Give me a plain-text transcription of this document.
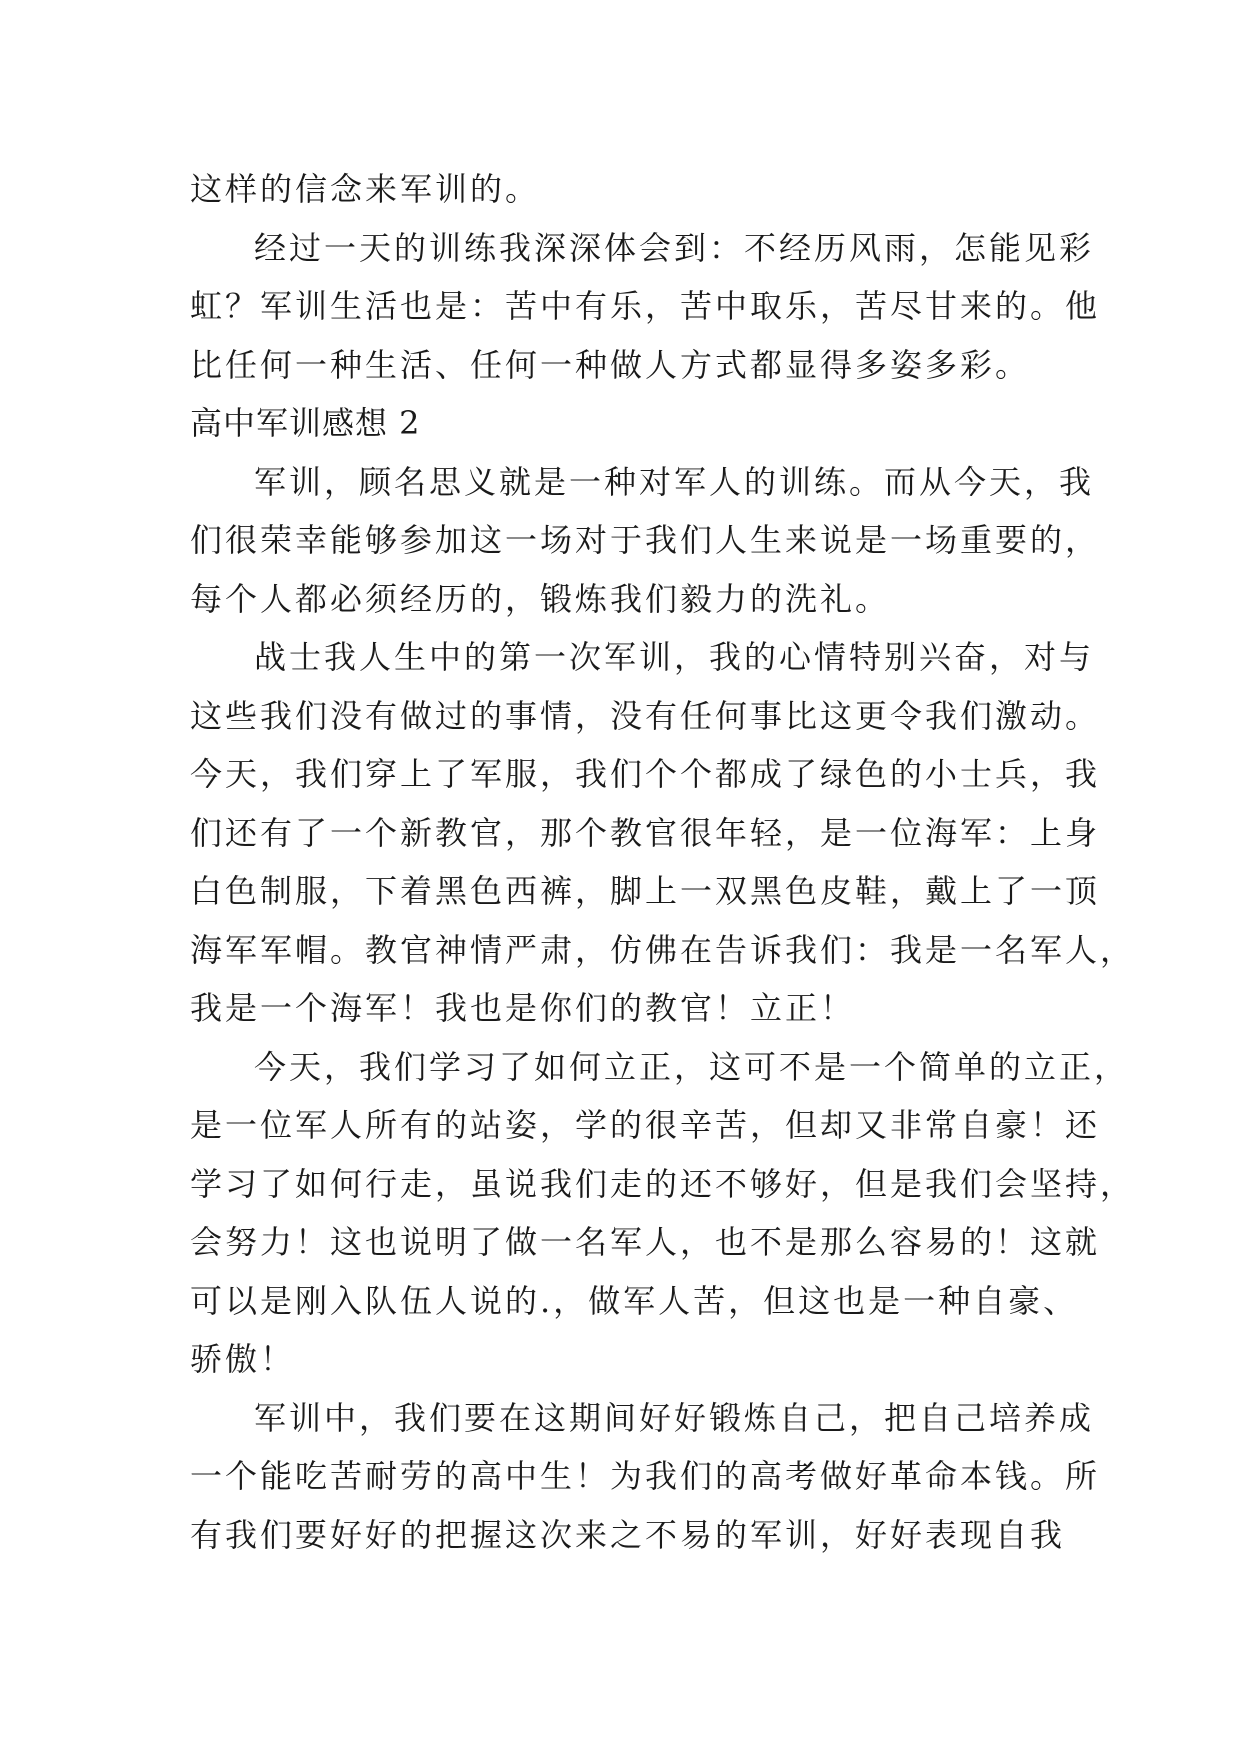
这样的信念来军训的。
经过一天的训练我深深体会到：不经历风雨，怎能见彩
虹？军训生活也是：苦中有乐，苦中取乐，苦尽甘来的。他
比任何一种生活、任何一种做人方式都显得多姿多彩。
高中军训感想 2
军训，顾名思义就是一种对军人的训练。而从今天，我
们很荣幸能够参加这一场对于我们人生来说是一场重要的，
每个人都必须经历的，锻炼我们毅力的洗礼。
战士我人生中的第一次军训，我的心情特别兴奋，对与
这些我们没有做过的事情，没有任何事比这更令我们激动。
今天，我们穿上了军服，我们个个都成了绿色的小士兵，我
们还有了一个新教官，那个教官很年轻，是一位海军：上身
白色制服，下着黑色西裤，脚上一双黑色皮鞋，戴上了一顶
海军军帽。教官神情严肃，仿佛在告诉我们：我是一名军人，
我是一个海军！我也是你们的教官！立正！
今天，我们学习了如何立正，这可不是一个简单的立正，
是一位军人所有的站姿，学的很辛苦，但却又非常自豪！还
学习了如何行走，虽说我们走的还不够好，但是我们会坚持，
会努力！这也说明了做一名军人，也不是那么容易的！这就
可以是刚入队伍人说的.，做军人苦，但这也是一种自豪、
骄傲！
军训中，我们要在这期间好好锻炼自己，把自己培养成
一个能吃苦耐劳的高中生！为我们的高考做好革命本钱。所
有我们要好好的把握这次来之不易的军训，好好表现自我
